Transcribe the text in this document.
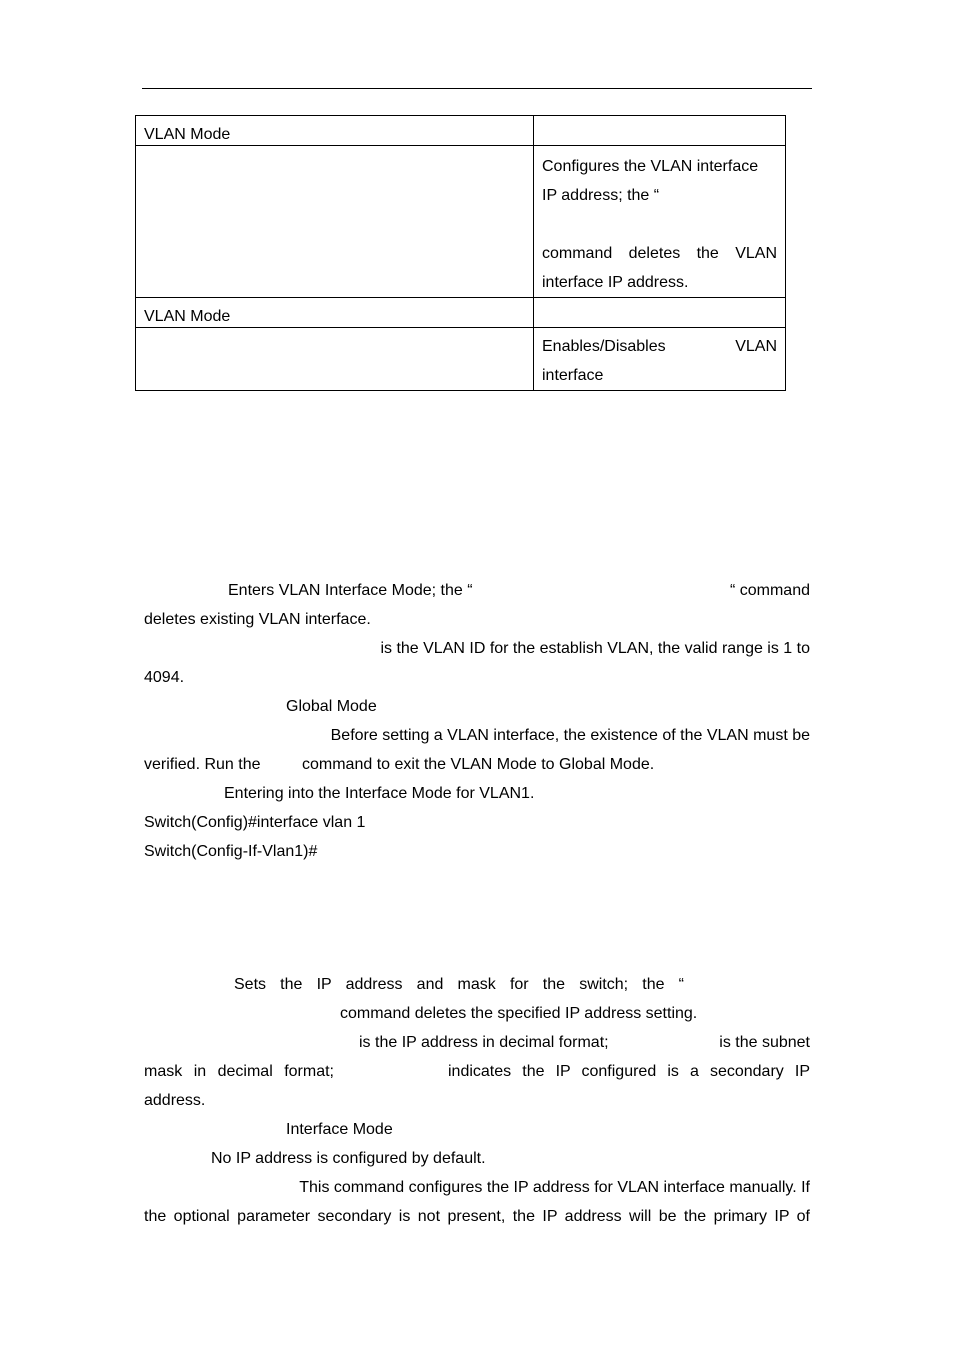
VLAN Mode	

	Configures the VLAN interface
IP address; the “
command deletes the VLAN
interface IP address.

VLAN Mode	

	Enables/Disables VLAN
interface
Enters VLAN Interface Mode; the “	“ command
deletes existing VLAN interface.
is the VLAN ID for the establish VLAN, the valid range is 1 to
4094.
Global Mode
Before setting a VLAN interface, the existence of the VLAN must be
verified. Run the	command to exit the VLAN Mode to Global Mode.
Entering into the Interface Mode for VLAN1.
Switch(Config)#interface vlan 1
Switch(Config-If-Vlan1)#
Sets the IP address and mask for the switch; the “
command deletes the specified IP address setting.
is the IP address in decimal format;	is the subnet
mask in decimal format;	indicates the IP configured is a secondary IP
address.
Interface Mode
No IP address is configured by default.
This command configures the IP address for VLAN interface manually. If
the optional parameter secondary is not present, the IP address will be the primary IP of
